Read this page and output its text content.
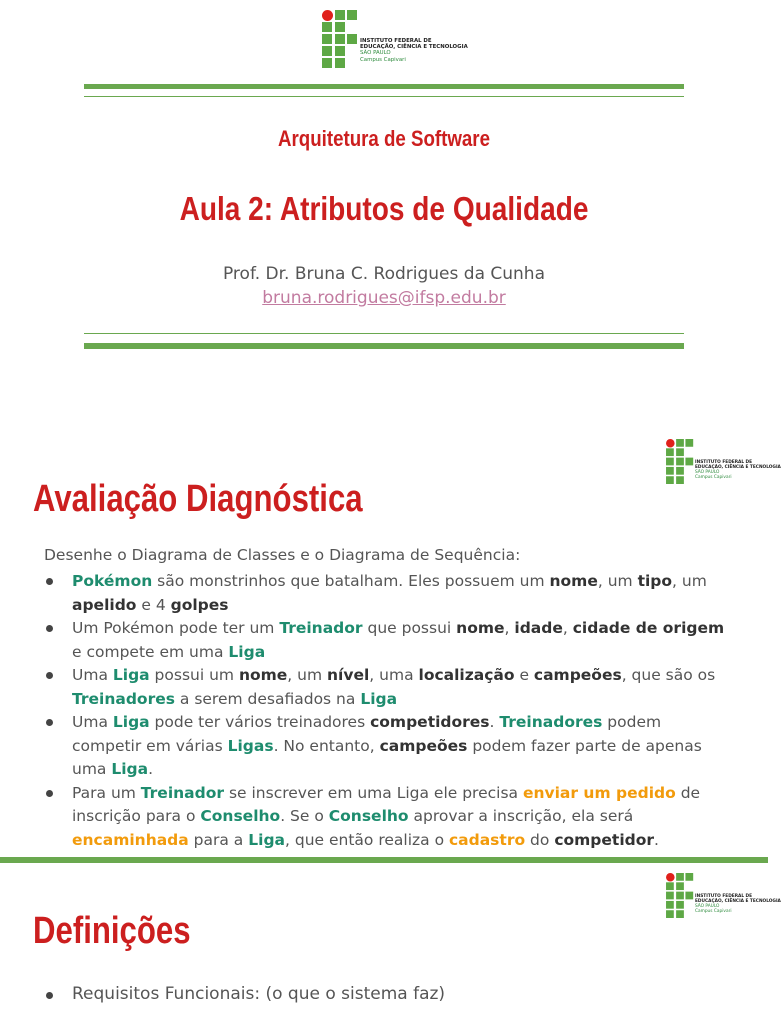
INSTITUTO FEDERAL DE
EDUCAÇÃO, CIÊNCIA E TECNOLOGIA
SÃO PAULO
Campus Capivari
Arquitetura de Software
Aula 2: Atributos de Qualidade
Prof. Dr. Bruna C. Rodrigues da Cunha
bruna.rodrigues@ifsp.edu.br
INSTITUTO FEDERAL DE
EDUCAÇÃO, CIÊNCIA E TECNOLOGIA
SÃO PAULO
Campus Capivari
Avaliação Diagnóstica
Desenhe o Diagrama de Classes e o Diagrama de Sequência:
Pokémon são monstrinhos que batalham. Eles possuem um nome, um tipo, um
apelido e 4 golpes
Um Pokémon pode ter um Treinador que possui nome, idade, cidade de origem
e compete em uma Liga
Uma Liga possui um nome, um nível, uma localização e campeões, que são os
Treinadores a serem desafiados na Liga
Uma Liga pode ter vários treinadores competidores. Treinadores podem
competir em várias Ligas. No entanto, campeões podem fazer parte de apenas
uma Liga.
Para um Treinador se inscrever em uma Liga ele precisa enviar um pedido de
inscrição para o Conselho. Se o Conselho aprovar a inscrição, ela será
encaminhada para a Liga, que então realiza o cadastro do competidor.
INSTITUTO FEDERAL DE
EDUCAÇÃO, CIÊNCIA E TECNOLOGIA
SÃO PAULO
Campus Capivari
Definições
Requisitos Funcionais: (o que o sistema faz)
